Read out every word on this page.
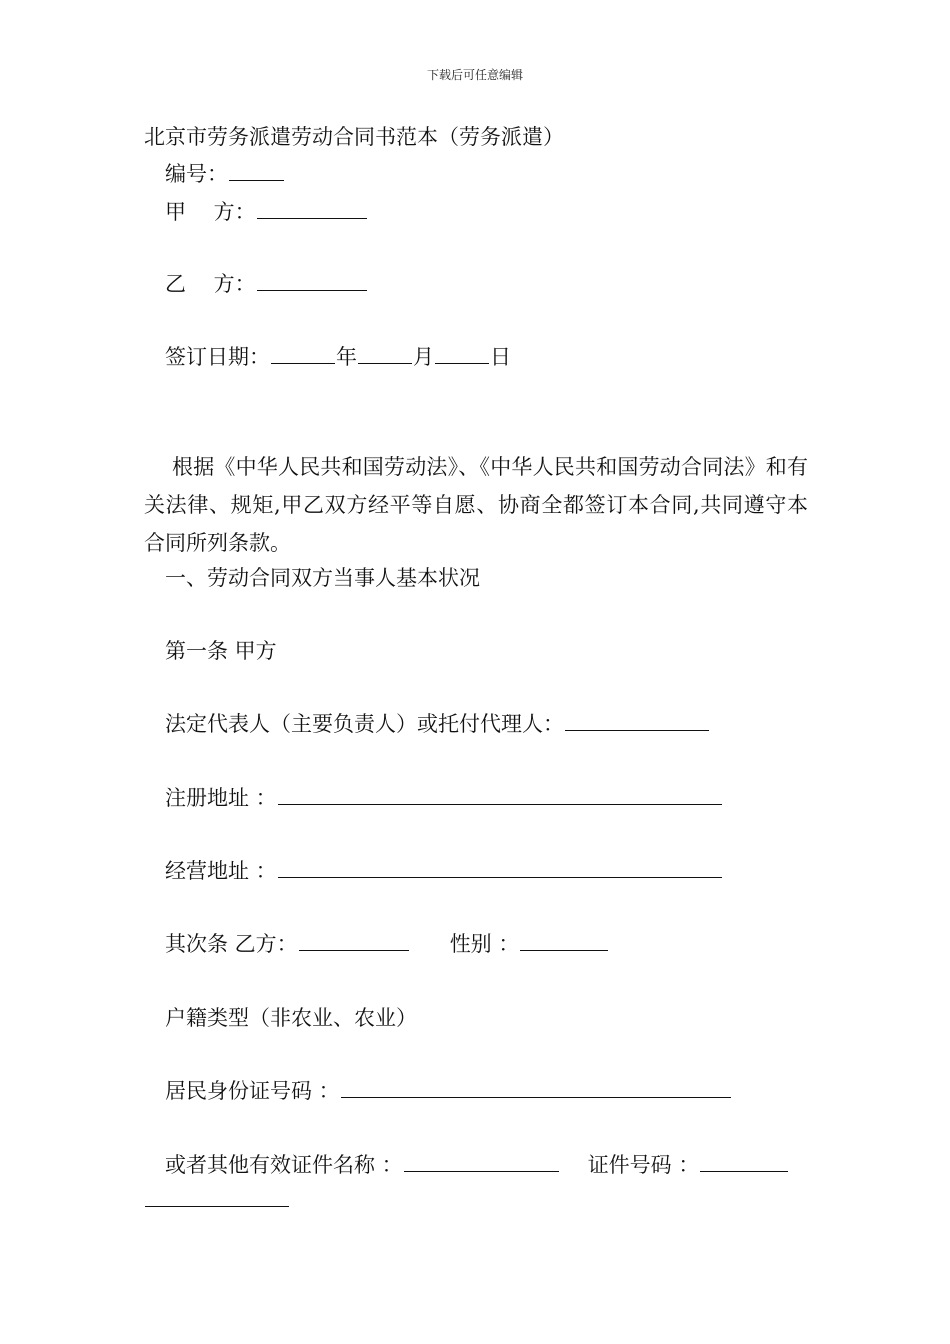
下载后可任意编辑
北京市劳务派遣劳动合同书范本（劳务派遣）
编号：
甲　 方：
乙　 方：
签订日期：	年	月	日
根据《中华人民共和国劳动法》、《中华人民共和国劳动合同法》和有关法律、规矩,甲乙双方经平等自愿、协商全都签订本合同,共同遵守本合同所列条款。
一、劳动合同双方当事人基本状况
第一条 甲方
法定代表人（主要负责人）或托付代理人：
注册地址 ：
经营地址 ：
其次条 乙方：	性别 ：
户籍类型（非农业、农业）
居民身份证号码 ：
或者其他有效证件名称 ：	证件号码 ：
